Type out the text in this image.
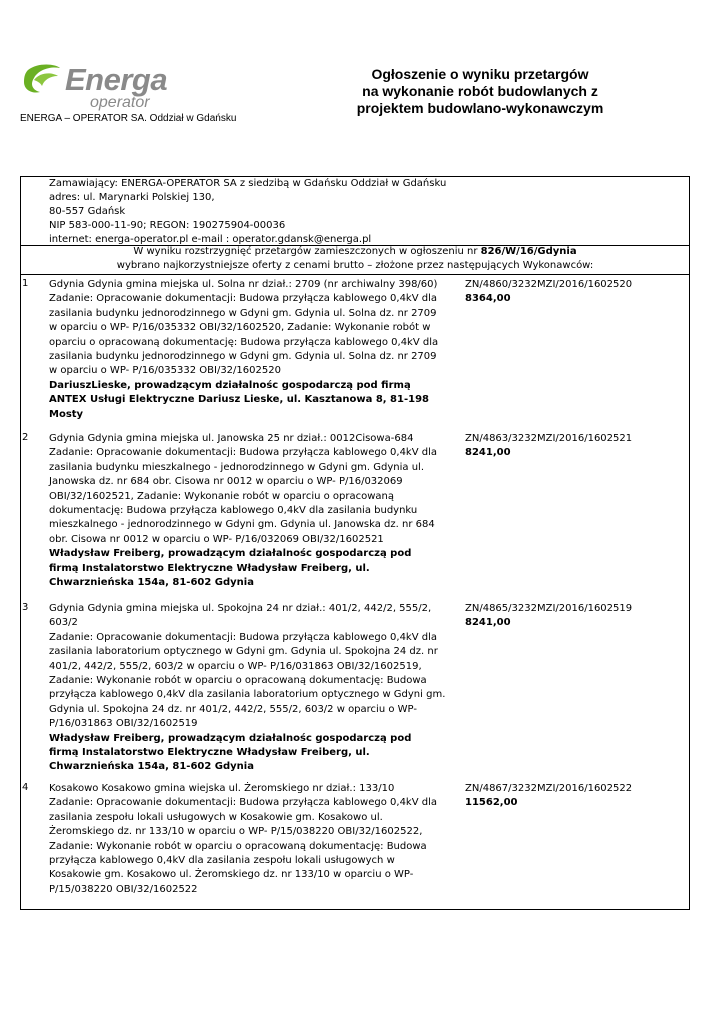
Energa
operator
ENERGA – OPERATOR SA. Oddział w Gdańsku
Ogłoszenie o wyniku przetargów
na wykonanie robót budowlanych z
projektem budowlano-wykonawczym
Zamawiający: ENERGA-OPERATOR SA z siedzibą w Gdańsku Oddział w Gdańsku
adres: ul. Marynarki Polskiej 130,
80-557 Gdańsk
NIP 583-000-11-90; REGON: 190275904-00036
internet: energa-operator.pl e-mail : operator.gdansk@energa.pl
W wyniku rozstrzygnięć przetargów zamieszczonych w ogłoszeniu nr 826/W/16/Gdynia
wybrano najkorzystniejsze oferty z cenami brutto – złożone przez następujących Wykonawców:
1 Gdynia Gdynia gmina miejska ul. Solna nr dział.: 2709 (nr archiwalny 398/60)
Zadanie: Opracowanie dokumentacji: Budowa przyłącza kablowego 0,4kV dla
zasilania budynku jednorodzinnego w Gdyni gm. Gdynia ul. Solna dz. nr 2709
w oparciu o WP- P/16/035332 OBI/32/1602520, Zadanie: Wykonanie robót w
oparciu o opracowaną dokumentację: Budowa przyłącza kablowego 0,4kV dla
zasilania budynku jednorodzinnego w Gdyni gm. Gdynia ul. Solna dz. nr 2709
w oparciu o WP- P/16/035332 OBI/32/1602520
DariuszLieske, prowadzącym działalnośc gospodarczą pod firmą
ANTEX Usługi Elektryczne Dariusz Lieske, ul. Kasztanowa 8, 81-198
Mosty
ZN/4860/3232MZI/2016/1602520
8364,00
2 Gdynia Gdynia gmina miejska ul. Janowska 25 nr dział.: 0012Cisowa-684
Zadanie: Opracowanie dokumentacji: Budowa przyłącza kablowego 0,4kV dla
zasilania budynku mieszkalnego - jednorodzinnego w Gdyni gm. Gdynia ul.
Janowska dz. nr 684 obr. Cisowa nr 0012 w oparciu o WP- P/16/032069
OBI/32/1602521, Zadanie: Wykonanie robót w oparciu o opracowaną
dokumentację: Budowa przyłącza kablowego 0,4kV dla zasilania budynku
mieszkalnego - jednorodzinnego w Gdyni gm. Gdynia ul. Janowska dz. nr 684
obr. Cisowa nr 0012 w oparciu o WP- P/16/032069 OBI/32/1602521
Władysław Freiberg, prowadzącym działalnośc gospodarczą pod
firmą Instalatorstwo Elektryczne Władysław Freiberg, ul.
Chwarznieńska 154a, 81-602 Gdynia
ZN/4863/3232MZI/2016/1602521
8241,00
3 Gdynia Gdynia gmina miejska ul. Spokojna 24 nr dział.: 401/2, 442/2, 555/2,
603/2
Zadanie: Opracowanie dokumentacji: Budowa przyłącza kablowego 0,4kV dla
zasilania laboratorium optycznego w Gdyni gm. Gdynia ul. Spokojna 24 dz. nr
401/2, 442/2, 555/2, 603/2 w oparciu o WP- P/16/031863 OBI/32/1602519,
Zadanie: Wykonanie robót w oparciu o opracowaną dokumentację: Budowa
przyłącza kablowego 0,4kV dla zasilania laboratorium optycznego w Gdyni gm.
Gdynia ul. Spokojna 24 dz. nr 401/2, 442/2, 555/2, 603/2 w oparciu o WP-
P/16/031863 OBI/32/1602519
Władysław Freiberg, prowadzącym działalnośc gospodarczą pod
firmą Instalatorstwo Elektryczne Władysław Freiberg, ul.
Chwarznieńska 154a, 81-602 Gdynia
ZN/4865/3232MZI/2016/1602519
8241,00
4 Kosakowo Kosakowo gmina wiejska ul. Żeromskiego nr dział.: 133/10
Zadanie: Opracowanie dokumentacji: Budowa przyłącza kablowego 0,4kV dla
zasilania zespołu lokali usługowych w Kosakowie gm. Kosakowo ul.
Żeromskiego dz. nr 133/10 w oparciu o WP- P/15/038220 OBI/32/1602522,
Zadanie: Wykonanie robót w oparciu o opracowaną dokumentację: Budowa
przyłącza kablowego 0,4kV dla zasilania zespołu lokali usługowych w
Kosakowie gm. Kosakowo ul. Żeromskiego dz. nr 133/10 w oparciu o WP-
P/15/038220 OBI/32/1602522
ZN/4867/3232MZI/2016/1602522
11562,00
